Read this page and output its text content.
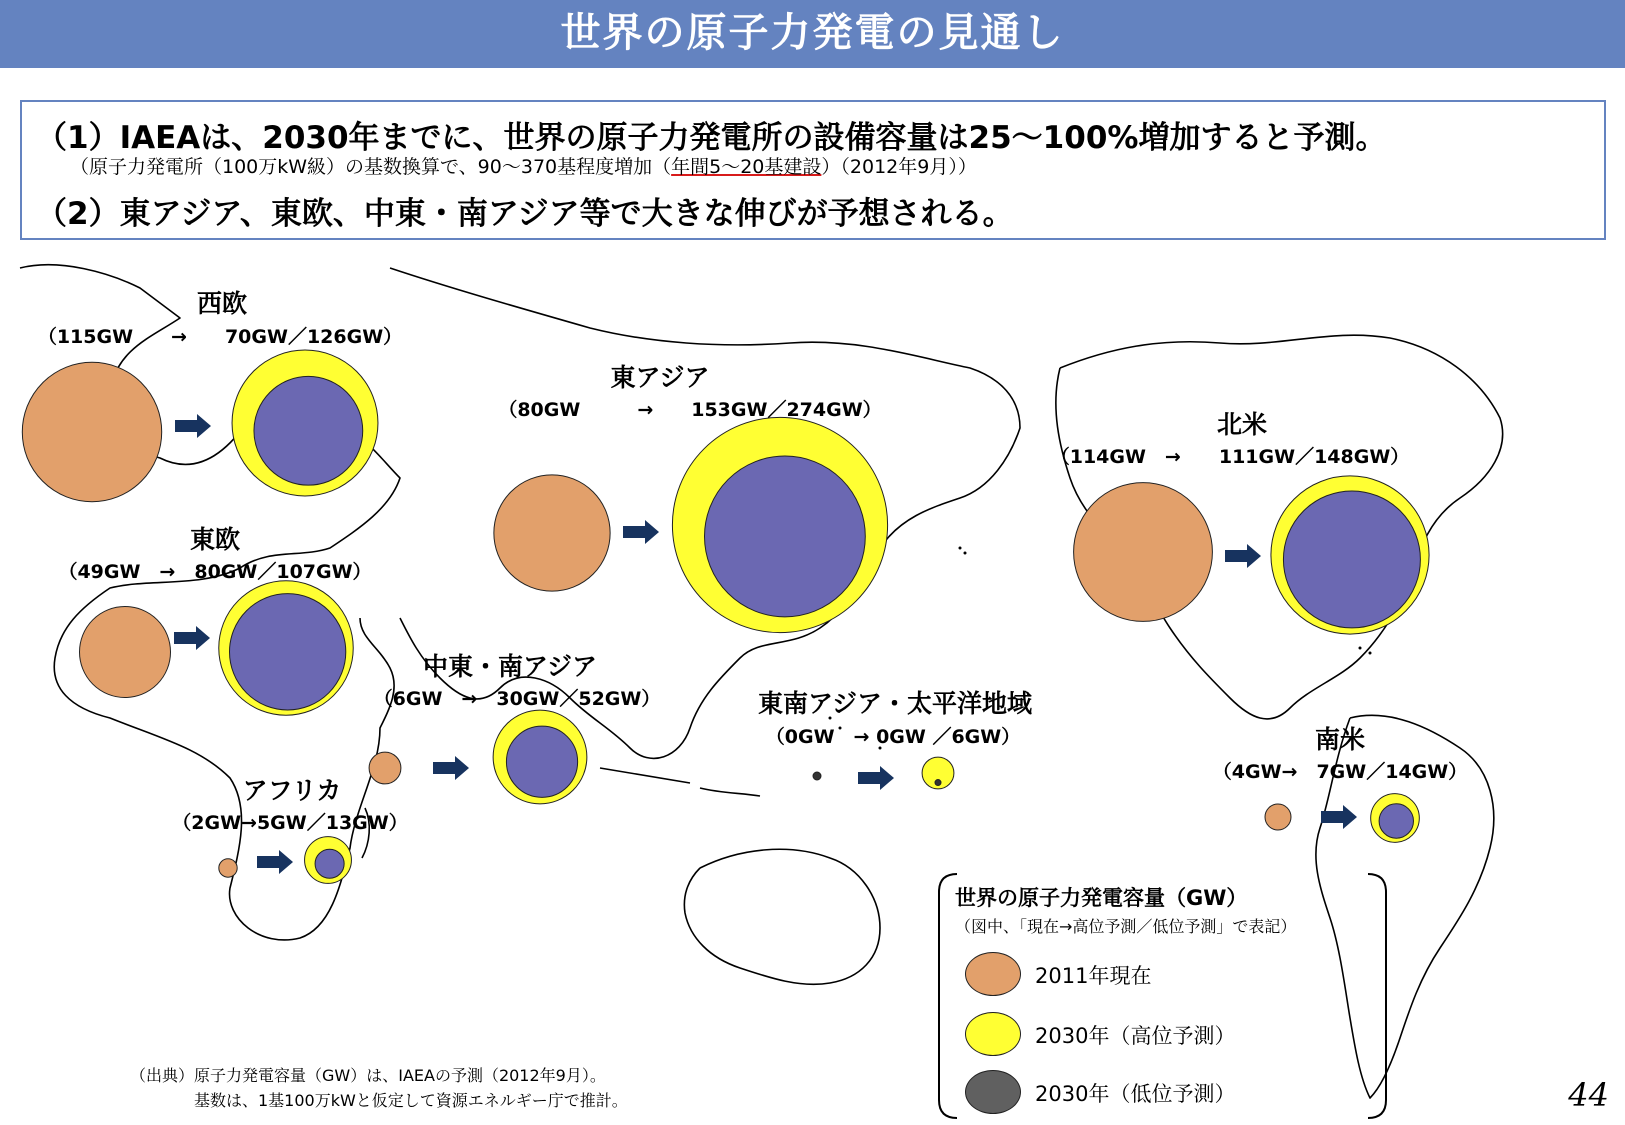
世界の原子力発電の見通し
（1）IAEAは、2030年までに、世界の原子力発電所の設備容量は25～100%増加すると予測。
（原子力発電所（100万kW級）の基数換算で、90～370基程度増加（年間5～20基建設）（2012年9月））
（2）東アジア、東欧、中東・南アジア等で大きな伸びが予想される。
西欧
（115GW　　→　　70GW／126GW）
東アジア
（80GW　　　→　　153GW／274GW）	北米
（114GW　→　　111GW／148GW）
東欧
（49GW　→　80GW／107GW）
中東・南アジア
（6GW　→　30GW／52GW）	東南アジア・太平洋地域
（0GW　→ 0GW ／6GW）
アフリカ
（2GW→5GW／13GW）
南米
（4GW→　7GW／14GW）
世界の原子力発電容量（GW）
（図中、「現在→高位予測／低位予測」で表記）
2011年現在
2030年（高位予測）
2030年（低位予測）
（出典）原子力発電容量（GW）は、IAEAの予測（2012年9月）。
　　　　基数は、1基100万kWと仮定して資源エネルギー庁で推計。	44
